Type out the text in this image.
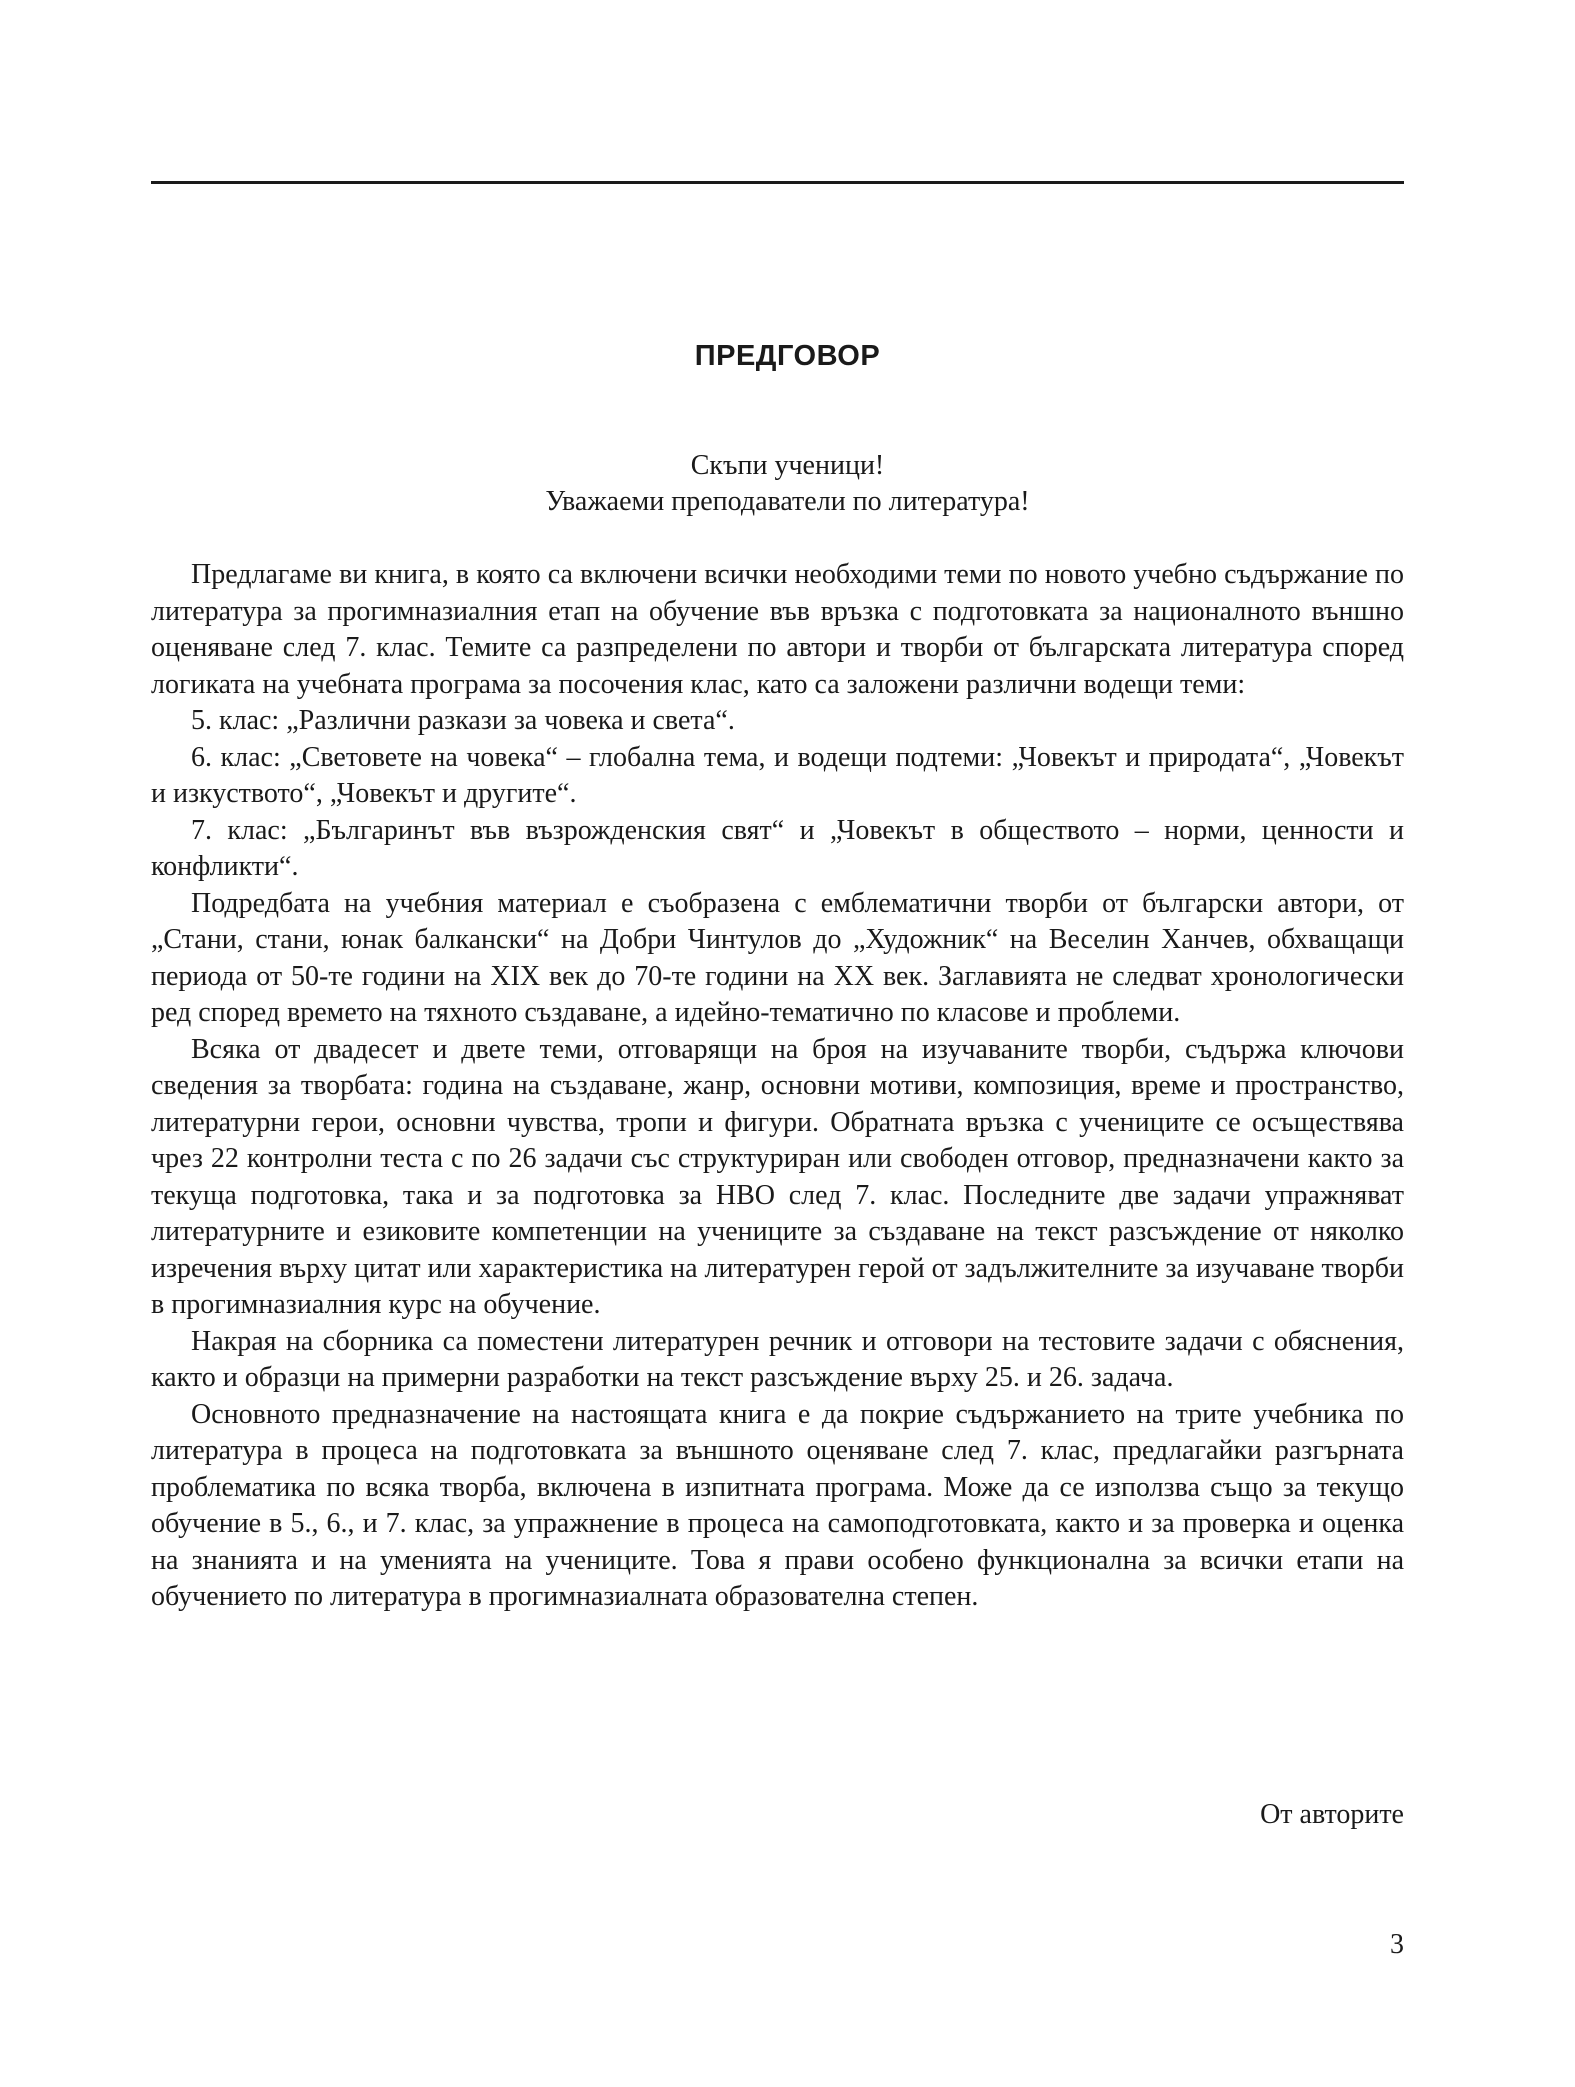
ПРЕДГОВОР
Скъпи ученици!
Уважаеми преподаватели по литература!

Предлагаме ви книга, в която са включени всички необходими теми по новото учебно съдържание по литература за прогимназиалния етап на обучение във връзка с подготовката за националното външно оценяване след 7. клас. Темите са разпределени по автори и творби от българската литература според логиката на учебната програма за посочения клас, като са заложени различни водещи теми:

5. клас: „Различни разкази за човека и света“.

6. клас: „Световете на човека“ – глобална тема, и водещи подтеми: „Човекът и природата“, „Човекът и изкуството“, „Човекът и другите“.

7. клас: „Българинът във възрожденския свят“ и „Човекът в обществото – норми, ценности и конфликти“.

Подредбата на учебния материал е съобразена с емблематични творби от български автори, от „Стани, стани, юнак балкански“ на Добри Чинтулов до „Художник“ на Веселин Ханчев, обхващащи периода от 50-те години на XIX век до 70-те години на XX век. Заглавията не следват хронологически ред според времето на тяхното създаване, а идейно-тематично по класове и проблеми.

Всяка от двадесет и двете теми, отговарящи на броя на изучаваните творби, съдържа ключови сведения за творбата: година на създаване, жанр, основни мотиви, композиция, време и пространство, литературни герои, основни чувства, тропи и фигури. Обратната връзка с учениците се осъществява чрез 22 контролни теста с по 26 задачи със структуриран или свободен отговор, предназначени както за текуща подготовка, така и за подготовка за НВО след 7. клас. Последните две задачи упражняват литературните и езиковите компетенции на учениците за създаване на текст разсъждение от няколко изречения върху цитат или характеристика на литературен герой от задължителните за изучаване творби в прогимназиалния курс на обучение.

Накрая на сборника са поместени литературен речник и отговори на тестовите задачи с обяснения, както и образци на примерни разработки на текст разсъждение върху 25. и 26. задача.

Основното предназначение на настоящата книга е да покрие съдържанието на трите учебника по литература в процеса на подготовката за външното оценяване след 7. клас, предлагайки разгърната проблематика по всяка творба, включена в изпитната програма. Може да се използва също за текущо обучение в 5., 6., и 7. клас, за упражнение в процеса на самоподготовката, както и за проверка и оценка на знанията и на уменията на учениците. Това я прави особено функционална за всички етапи на обучението по литература в прогимназиалната образователна степен.

От авторите
3
